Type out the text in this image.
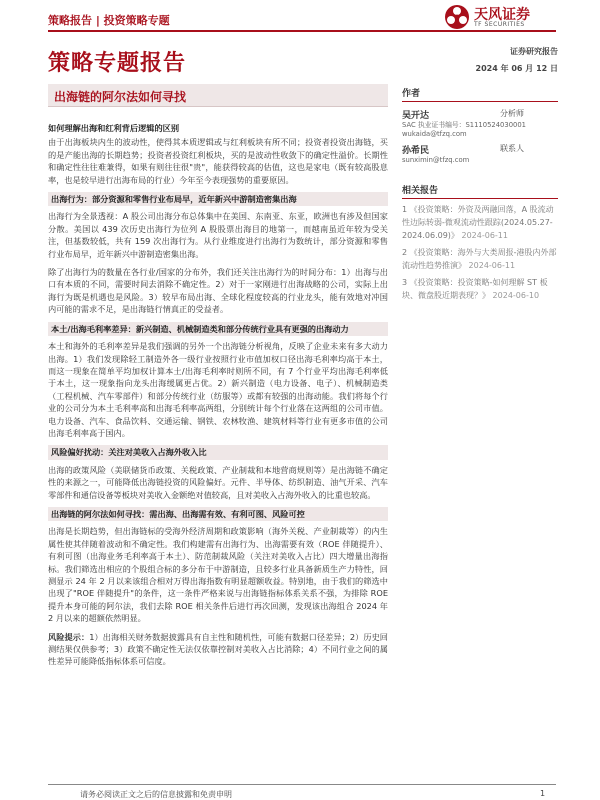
策略报告 | 投资策略专题	天风证券
TF SECURITIES
策略专题报告
出海链的阿尔法如何寻找
如何理解出海和红利背后逻辑的区别
由于出海板块内生的波动性，使得其本质逻辑或与红利板块有所不同；投资者投资出海链，买的是产能出海的长期趋势；投资者投资红利板块，买的是波动性收敛下的确定性溢价。长期性和确定性往往难兼得，如果有则往往很"贵"，能获得较高的估值，这也是家电（既有较高股息率，也是较早进行出海布局的行业）今年至今表现强势的重要原因。
出海行为：部分资源和零售行业布局早，近年新兴中游制造密集出海
出海行为全景透视：A 股公司出海分布总体集中在美国、东南亚、东亚，欧洲也有涉及但国家分散。美国以 439 次历史出海行为位列 A 股股票出海目的地第一，而越南虽近年较为受关注，但基数较低，共有 159 次出海行为。从行业维度进行出海行为数统计，部分资源和零售行业布局早，近年新兴中游制造密集出海。
除了出海行为的数量在各行业/国家的分布外，我们还关注出海行为的时间分布：1）出海与出口有本质的不同，需要时间去消除不确定性。2）对于一家刚进行出海战略的公司，实际上出海行为既是机遇也是风险。3）较早布局出海、全球化程度较高的行业龙头，能有效地对冲国内可能的需求不足，是出海链行情真正的受益者。
本土/出海毛利率差异：新兴制造、机械制造类和部分传统行业具有更强的出海动力
本土和海外的毛利率差异是我们强调的另外一个出海链分析视角，反映了企业未来有多大动力出海。1）我们发现除轻工制造外各一级行业按照行业市值加权口径出海毛利率均高于本土，而这一现象在简单平均加权计算本土/出海毛利率时则所不同，有 7 个行业平均出海毛利率低于本土，这一现象指向龙头出海缓属更占优。2）新兴制造（电力设备、电子）、机械制造类（工程机械、汽车零部件）和部分传统行业（纺服等）或都有较强的出海动能。我们将每个行业的公司分为本土毛利率高和出海毛利率高两组，分别统计每个行业落在这两组的公司市值。电力设备、汽车、食品饮料、交通运输、钢铁、农林牧渔、建筑材料等行业有更多市值的公司出海毛利率高于国内。
风险偏好扰动：关注对美收入占海外收入比
出海的政策风险（美联储货币政策、关税政策、产业制裁和本地营商规则等）是出海链不确定性的来源之一，可能降低出海链投资的风险偏好。元件、半导体、纺织制造、油气开采、汽车零部件和通信设备等板块对美收入金额绝对值较高，且对美收入占海外收入的比重也较高。
出海链的阿尔法如何寻找：需出海、出海需有效、有利可图、风险可控
出海是长期趋势，但出海链标的受海外经济周期和政策影响（海外关税、产业制裁等）的内生属性使其伴随着波动和不确定性。我们构建需有出海行为、出海需要有效（ROE 伴随提升）、有利可图（出海业务毛利率高于本土）、防范制裁风险（关注对美收入占比）四大增量出海指标。我们筛选出相应的个股组合标的多分布于中游制造，且较多行业具备新质生产力特性，回测显示 24 年 2 月以来该组合相对万得出海指数有明显超额收益。特别地，由于我们的筛选中出现了"ROE 伴随提升"的条件，这一条件严格来说与出海链指标体系关系不强，为排除 ROE 提升本身可能的阿尔法，我们去除 ROE 相关条件后进行再次回测，发现该出海组合 2024 年 2 月以来的超额依然明显。
风险提示：1）出海相关财务数据披露具有自主性和随机性，可能有数据口径差异；2）历史回测结果仅供参考；3）政策不确定性无法仅依靠控制对美收入占比消除；4）不同行业之间的属性差异可能降低指标体系可信度。
证券研究报告
2024 年 06 月 12 日
作者
吴开达	分析师
SAC 执业证书编号：S1110524030001
wukaida@tfzq.com
孙希民	联系人
sunximin@tfzq.com
相关报告
1 《投资策略：外资及两融回落，A 股流动性边际转弱-微观流动性跟踪(2024.05.27-2024.06.09)》 2024-06-11
2 《投资策略：海外与大类周报-港股内外部流动性趋势推演》 2024-06-11
3 《投资策略：投资策略-如何理解 ST 板块、微盘股近期表现？》 2024-06-10
请务必阅读正文之后的信息披露和免责申明	1
